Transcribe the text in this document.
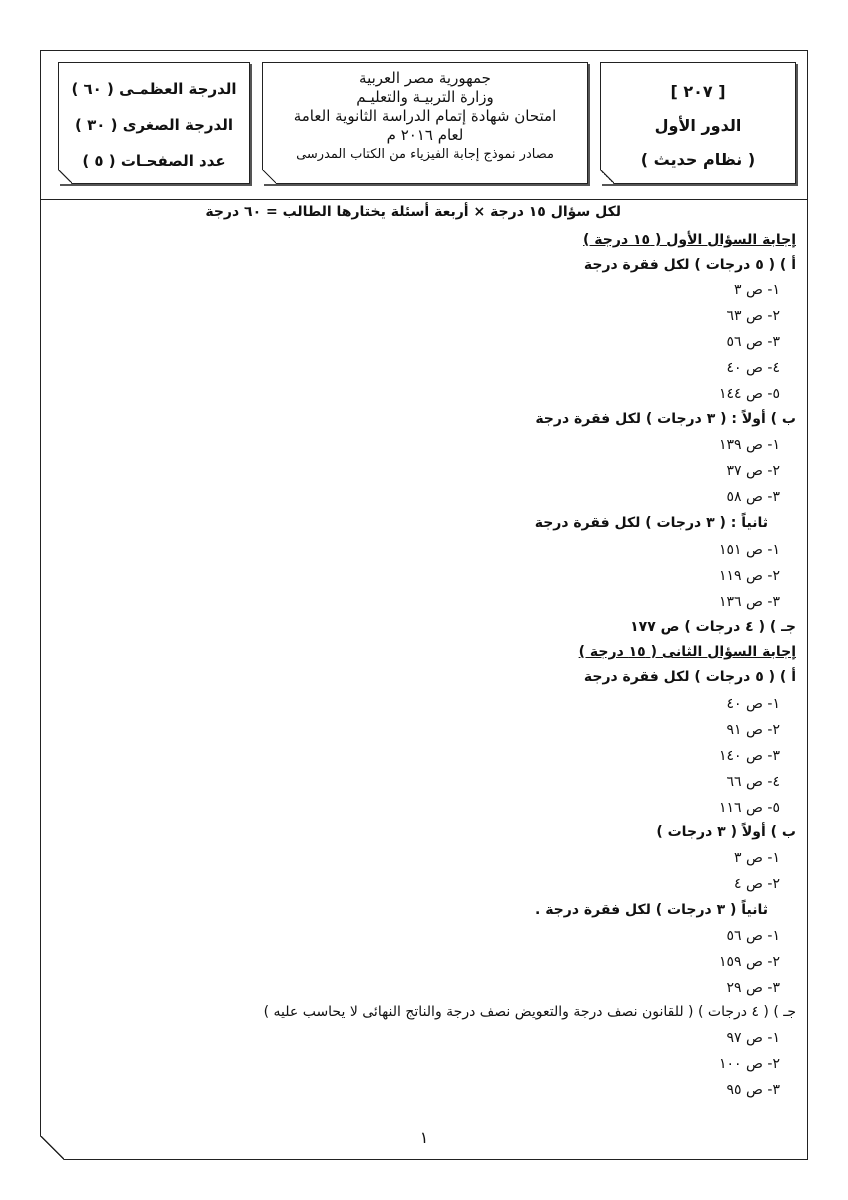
[ ٢٠٧ ]
الدور الأول
( نظام حديث )
جمهورية مصر العربية
وزارة التربيـة والتعليـم
امتحان شهادة إتمام الدراسة الثانوية العامة
لعام ٢٠١٦ م
مصادر نموذج إجابة الفيزياء من الكتاب المدرسى
الدرجة العظمـى ( ٦٠ )
الدرجة الصغرى ( ٣٠ )
عدد الصفحـات ( ٥ )
لكل سؤال ١٥ درجة × أربعة أسئلة يختارها الطالب = ٦٠ درجة
إجابة السؤال الأول ( ١٥ درجة )
أ ) ( ٥ درجات ) لكل فقرة درجة
١- ص ٣
٢- ص ٦٣
٣- ص ٥٦
٤- ص ٤٠
٥- ص ١٤٤
ب ) أولاً : ( ٣ درجات ) لكل فقرة درجة
١- ص ١٣٩
٢- ص ٣٧
٣- ص ٥٨
ثانياً : ( ٣ درجات ) لكل فقرة درجة
١- ص ١٥١
٢- ص ١١٩
٣- ص ١٣٦
جـ ) ( ٤ درجات ) ص ١٧٧
إجابة السؤال الثانى ( ١٥ درجة )
أ ) ( ٥ درجات ) لكل فقرة درجة
١- ص ٤٠
٢- ص ٩١
٣- ص ١٤٠
٤- ص ٦٦
٥- ص ١١٦
ب ) أولاً ( ٣ درجات )
١- ص ٣
٢- ص ٤
ثانياً ( ٣ درجات ) لكل فقرة درجة .
١- ص ٥٦
٢- ص ١٥٩
٣- ص ٢٩
جـ ) ( ٤ درجات ) ( للقانون نصف درجة والتعويض نصف درجة والناتج النهائى لا يحاسب عليه )
١- ص ٩٧
٢- ص ١٠٠
٣- ص ٩٥
١
